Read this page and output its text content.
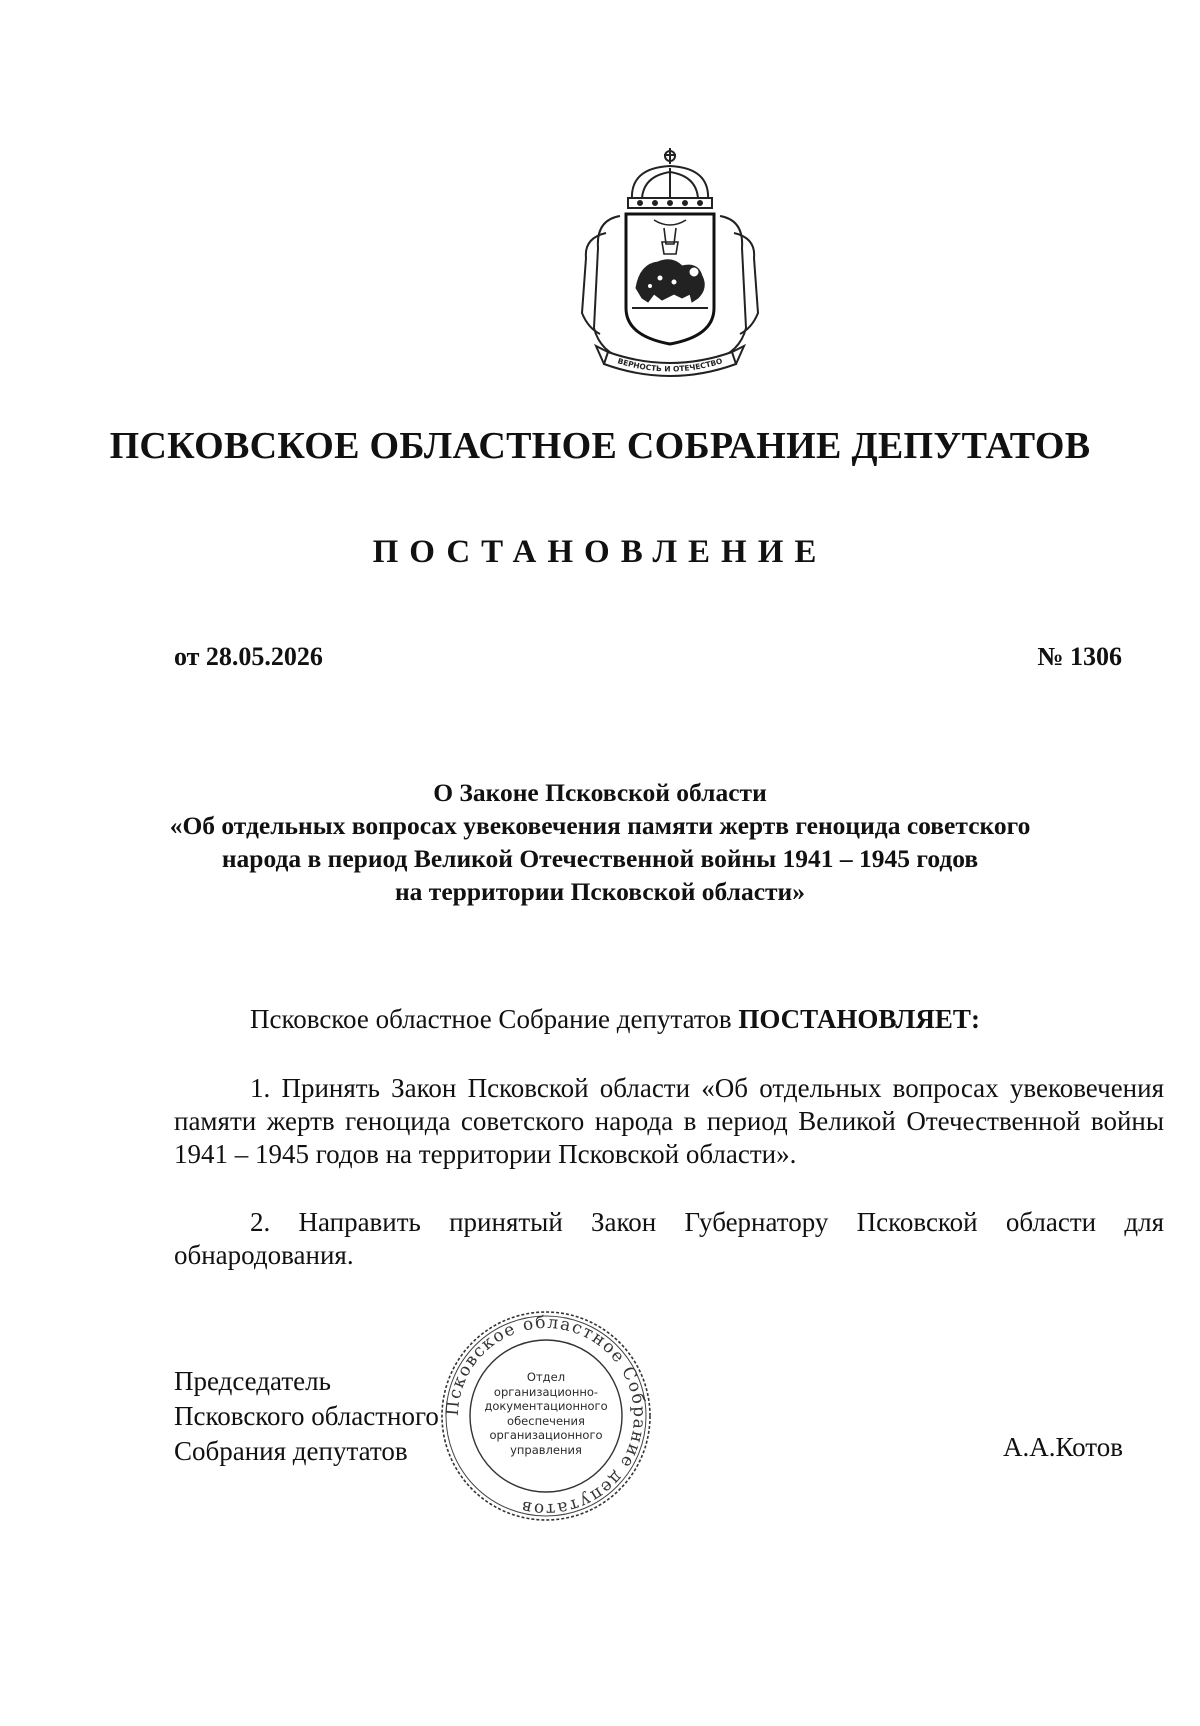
ВЕРНОСТЬ И ОТЕЧЕСТВО
ПСКОВСКОЕ ОБЛАСТНОЕ СОБРАНИЕ ДЕПУТАТОВ
ПОСТАНОВЛЕНИЕ
от 28.05.2026	№ 1306
О Законе Псковской области
«Об отдельных вопросах увековечения памяти жертв геноцида советского
народа в период Великой Отечественной войны 1941 – 1945 годов
на территории Псковской области»
Псковское областное Собрание депутатов ПОСТАНОВЛЯЕТ:
1. Принять Закон Псковской области «Об отдельных вопросах увековечения памяти жертв геноцида советского народа в период Великой Отечественной войны 1941 – 1945 годов на территории Псковской области».
2. Направить принятый Закон Губернатору Псковской области для обнародования.
Председатель
Псковского областного
Собрания депутатов	А.А.Котов
Псковское областное Собрание депутатов
Отдел
организационно-
документационного
обеспечения
организационного
управления
